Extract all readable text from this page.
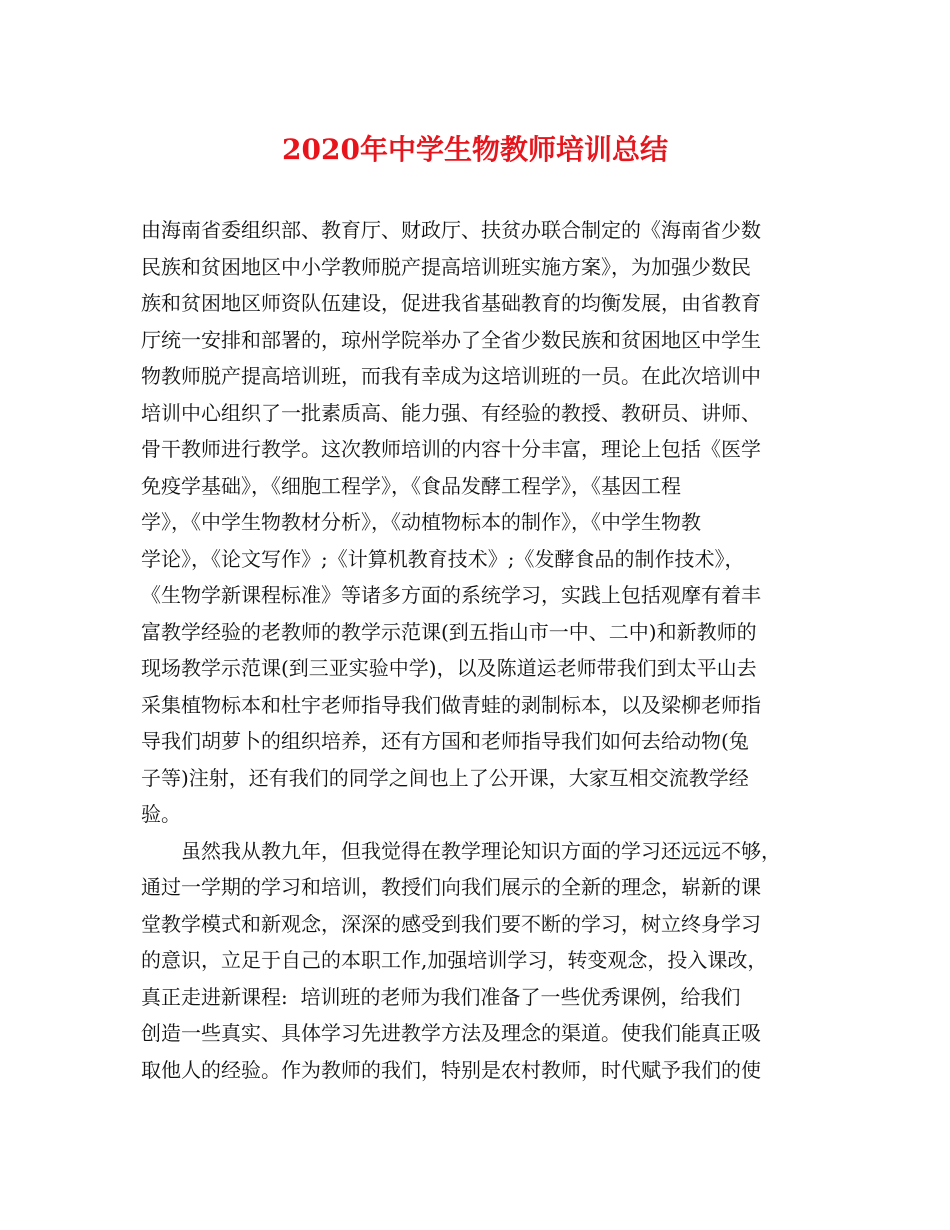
2020年中学生物教师培训总结
由海南省委组织部、教育厅、财政厅、扶贫办联合制定的《海南省少数
民族和贫困地区中小学教师脱产提高培训班实施方案》，为加强少数民
族和贫困地区师资队伍建设，促进我省基础教育的均衡发展，由省教育
厅统一安排和部署的，琼州学院举办了全省少数民族和贫困地区中学生
物教师脱产提高培训班，而我有幸成为这培训班的一员。在此次培训中
培训中心组织了一批素质高、能力强、有经验的教授、教研员、讲师、
骨干教师进行教学。这次教师培训的内容十分丰富，理论上包括《医学
免疫学基础》，《细胞工程学》，《食品发酵工程学》，《基因工程
学》，《中学生物教材分析》，《动植物标本的制作》，《中学生物教
学论》，《论文写作》;《计算机教育技术》;《发酵食品的制作技术》，
《生物学新课程标准》等诸多方面的系统学习，实践上包括观摩有着丰
富教学经验的老教师的教学示范课(到五指山市一中、二中)和新教师的
现场教学示范课(到三亚实验中学)，以及陈道运老师带我们到太平山去
采集植物标本和杜宇老师指导我们做青蛙的剥制标本，以及梁柳老师指
导我们胡萝卜的组织培养，还有方国和老师指导我们如何去给动物(兔
子等)注射，还有我们的同学之间也上了公开课，大家互相交流教学经
验。
虽然我从教九年，但我觉得在教学理论知识方面的学习还远远不够，
通过一学期的学习和培训，教授们向我们展示的全新的理念，崭新的课
堂教学模式和新观念，深深的感受到我们要不断的学习，树立终身学习
的意识，立足于自己的本职工作,加强培训学习，转变观念，投入课改，
真正走进新课程:  培训班的老师为我们准备了一些优秀课例，给我们
创造一些真实、具体学习先进教学方法及理念的渠道。使我们能真正吸
取他人的经验。作为教师的我们，特别是农村教师，时代赋予我们的使
